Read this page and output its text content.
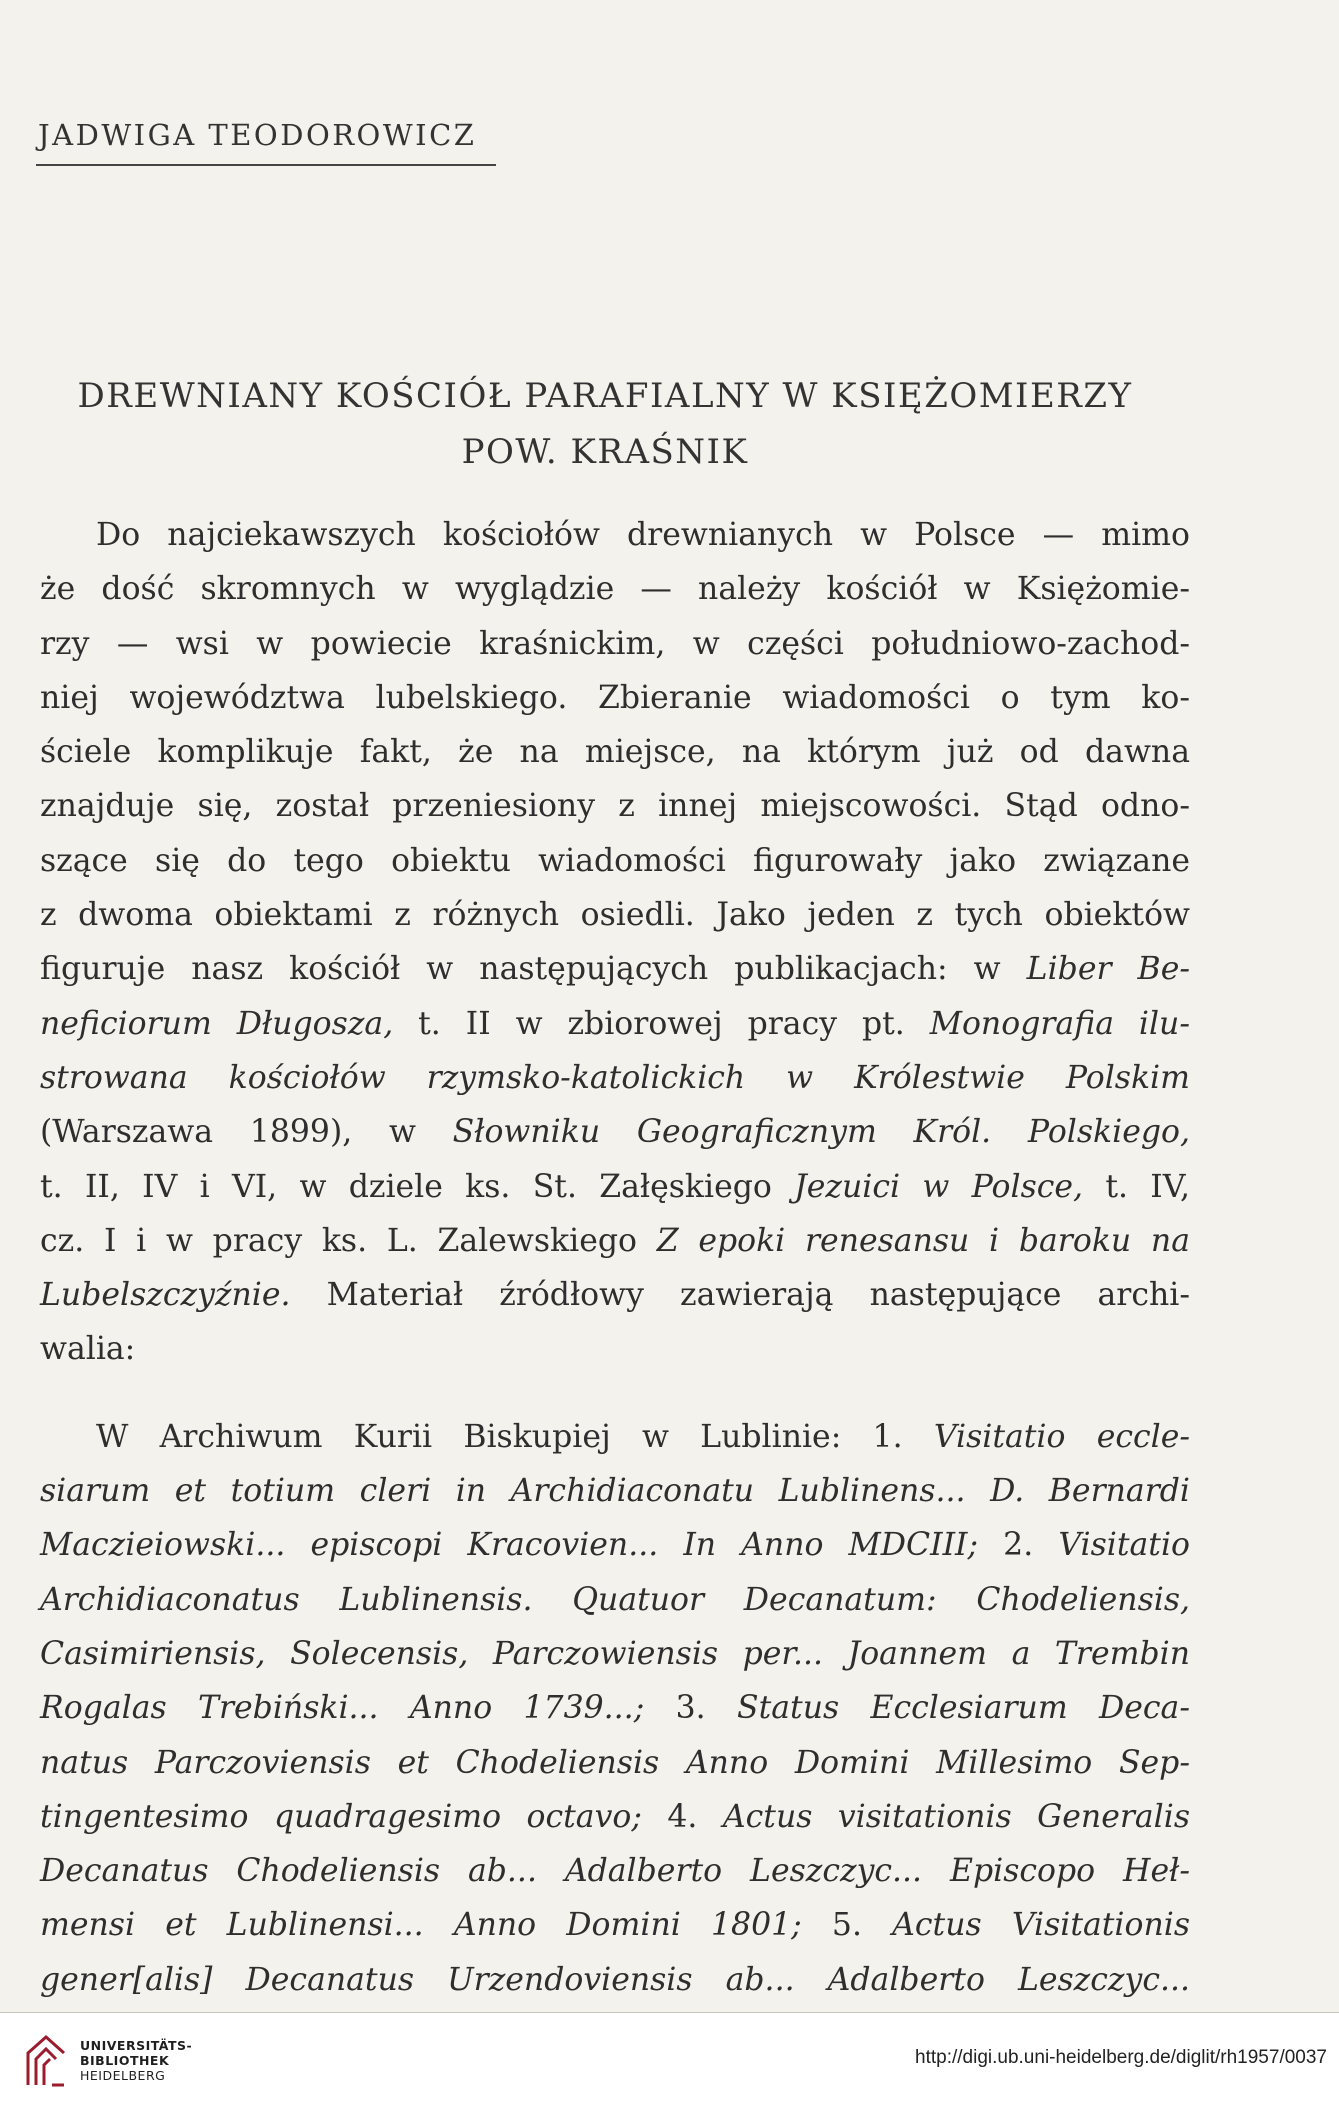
JADWIGA TEODOROWICZ
DREWNIANY KOŚCIÓŁ PARAFIALNY W KSIĘŻOMIERZY
POW. KRAŚNIK
Do najciekawszych kościołów drewnianych w Polsce — mimo
że dość skromnych w wyglądzie — należy kościół w Księżomie-
rzy — wsi w powiecie kraśnickim, w części południowo-zachod-
niej województwa lubelskiego. Zbieranie wiadomości o tym ko-
ściele komplikuje fakt, że na miejsce, na którym już od dawna
znajduje się, został przeniesiony z innej miejscowości. Stąd odno-
szące się do tego obiektu wiadomości figurowały jako związane
z dwoma obiektami z różnych osiedli. Jako jeden z tych obiektów
figuruje nasz kościół w następujących publikacjach: w Liber Be-
neficiorum Długosza, t. II w zbiorowej pracy pt. Monografia ilu-
strowana kościołów rzymsko-katolickich w Królestwie Polskim
(Warszawa 1899), w Słowniku Geograficznym Król. Polskiego,
t. II, IV i VI, w dziele ks. St. Załęskiego Jezuici w Polsce, t. IV,
cz. I i w pracy ks. L. Zalewskiego Z epoki renesansu i baroku na
Lubelszczyźnie. Materiał źródłowy zawierają następujące archi-
walia:
W Archiwum Kurii Biskupiej w Lublinie: 1. Visitatio eccle-
siarum et totium cleri in Archidiaconatu Lublinens... D. Bernardi
Maczieiowski... episcopi Kracovien... In Anno MDCIII; 2. Visitatio
Archidiaconatus Lublinensis. Quatuor Decanatum: Chodeliensis,
Casimiriensis, Solecensis, Parczowiensis per... Joannem a Trembin
Rogalas Trebiński... Anno 1739...; 3. Status Ecclesiarum Deca-
natus Parczoviensis et Chodeliensis Anno Domini Millesimo Sep-
tingentesimo quadragesimo octavo; 4. Actus visitationis Generalis
Decanatus Chodeliensis ab... Adalberto Leszczyc... Episcopo Heł-
mensi et Lublinensi... Anno Domini 1801; 5. Actus Visitationis
gener[alis] Decanatus Urzendoviensis ab... Adalberto Leszczyc...
UNIVERSITÄTS-
BIBLIOTHEK
HEIDELBERG
http://digi.ub.uni-heidelberg.de/diglit/rh1957/0037
